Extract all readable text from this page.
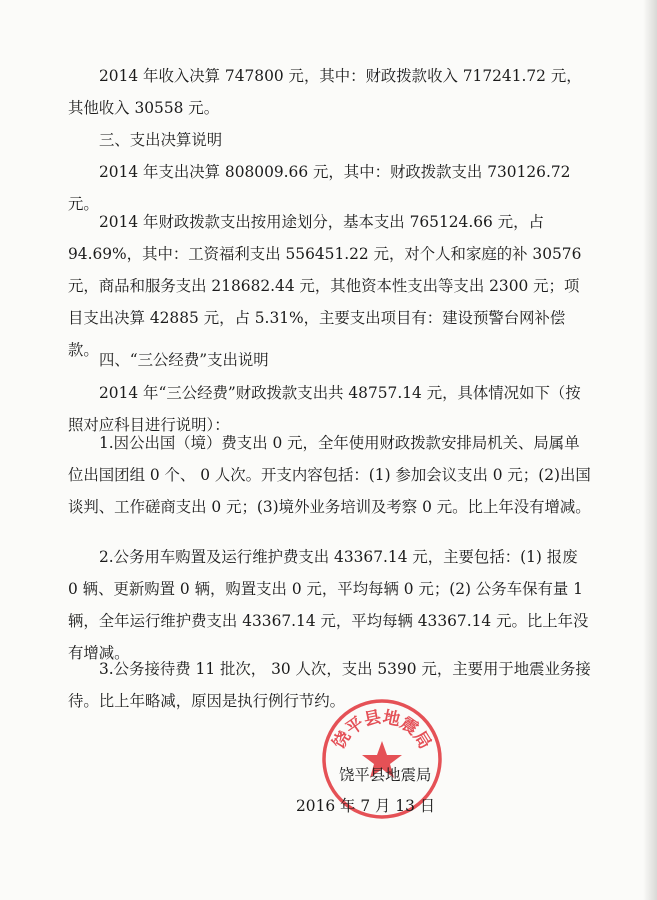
2014 年收入决算 747800 元，其中：财政拨款收入 717241.72 元，其他收入 30558 元。

三、支出决算说明

2014 年支出决算 808009.66 元，其中：财政拨款支出 730126.72 元。

2014 年财政拨款支出按用途划分，基本支出 765124.66 元，占 94.69%，其中：工资福利支出 556451.22 元，对个人和家庭的补 30576 元，商品和服务支出 218682.44 元，其他资本性支出等支出 2300 元；项目支出决算 42885 元，占 5.31%，主要支出项目有：建设预警台网补偿款。

四、“三公经费”支出说明

2014 年“三公经费”财政拨款支出共 48757.14 元，具体情况如下（按照对应科目进行说明）：

1.因公出国（境）费支出 0 元，全年使用财政拨款安排局机关、局属单位出国团组 0 个、 0 人次。开支内容包括：(1) 参加会议支出 0 元；(2)出国谈判、工作磋商支出 0 元；(3)境外业务培训及考察 0 元。比上年没有增减。

2.公务用车购置及运行维护费支出 43367.14 元，主要包括：(1) 报废 0 辆、更新购置 0 辆，购置支出 0 元，平均每辆 0 元；(2) 公务车保有量 1 辆，全年运行维护费支出 43367.14 元，平均每辆 43367.14 元。比上年没有增减。

3.公务接待费 11 批次， 30 人次，支出 5390 元，主要用于地震业务接待。比上年略减，原因是执行例行节约。

饶平县地震局
饶平县地震局
2016 年 7 月 13 日
